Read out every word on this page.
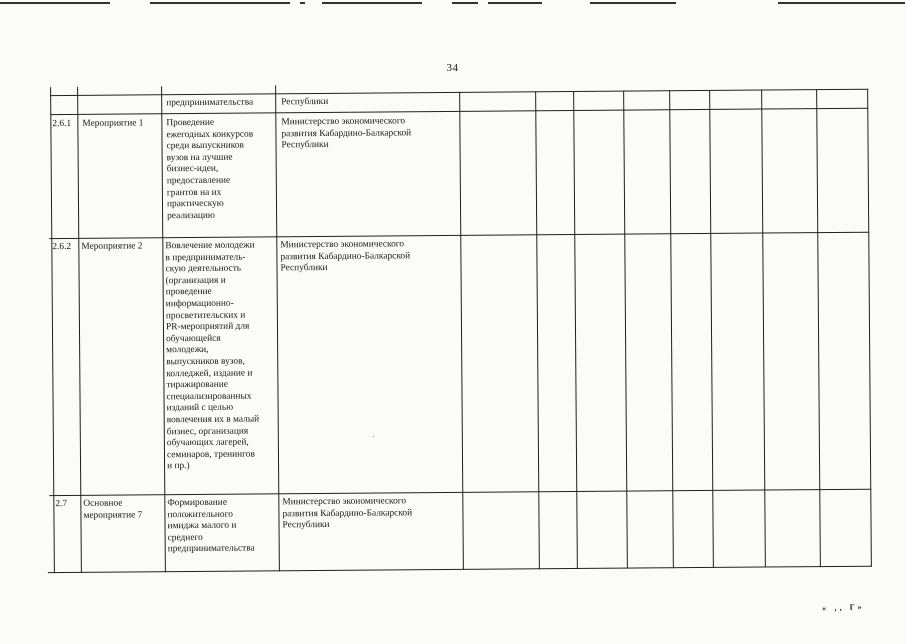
34
предпринимательства	Республики
2.6.1 Мероприятие 1 Проведение
ежегодных конкурсов
среди выпускников
вузов на лучшие
бизнес-идеи,
предоставление
грантов на их
практическую
реализацию
Министерство экономического
развития Кабардино-Балкарской
Республики
2.6.2 Мероприятие 2 Вовлечение молодежи
в предприниматель-
скую деятельность
(организация и
проведение
информационно-
просветительских и
PR-мероприятий для
обучающейся
молодежи,
выпускников вузов,
колледжей, издание и
тиражирование
специализированных
изданий с целью
вовлечения их в малый
бизнес, организация
обучающих лагерей,
семинаров, тренингов
и пр.)
Министерство экономического
развития Кабардино-Балкарской
Республики
2.7 Основное
мероприятие 7
Формирование
положительного
имиджа малого и
среднего
предпринимательства
Министерство экономического
развития Кабардино-Балкарской
Республики
« ‚, Г»
